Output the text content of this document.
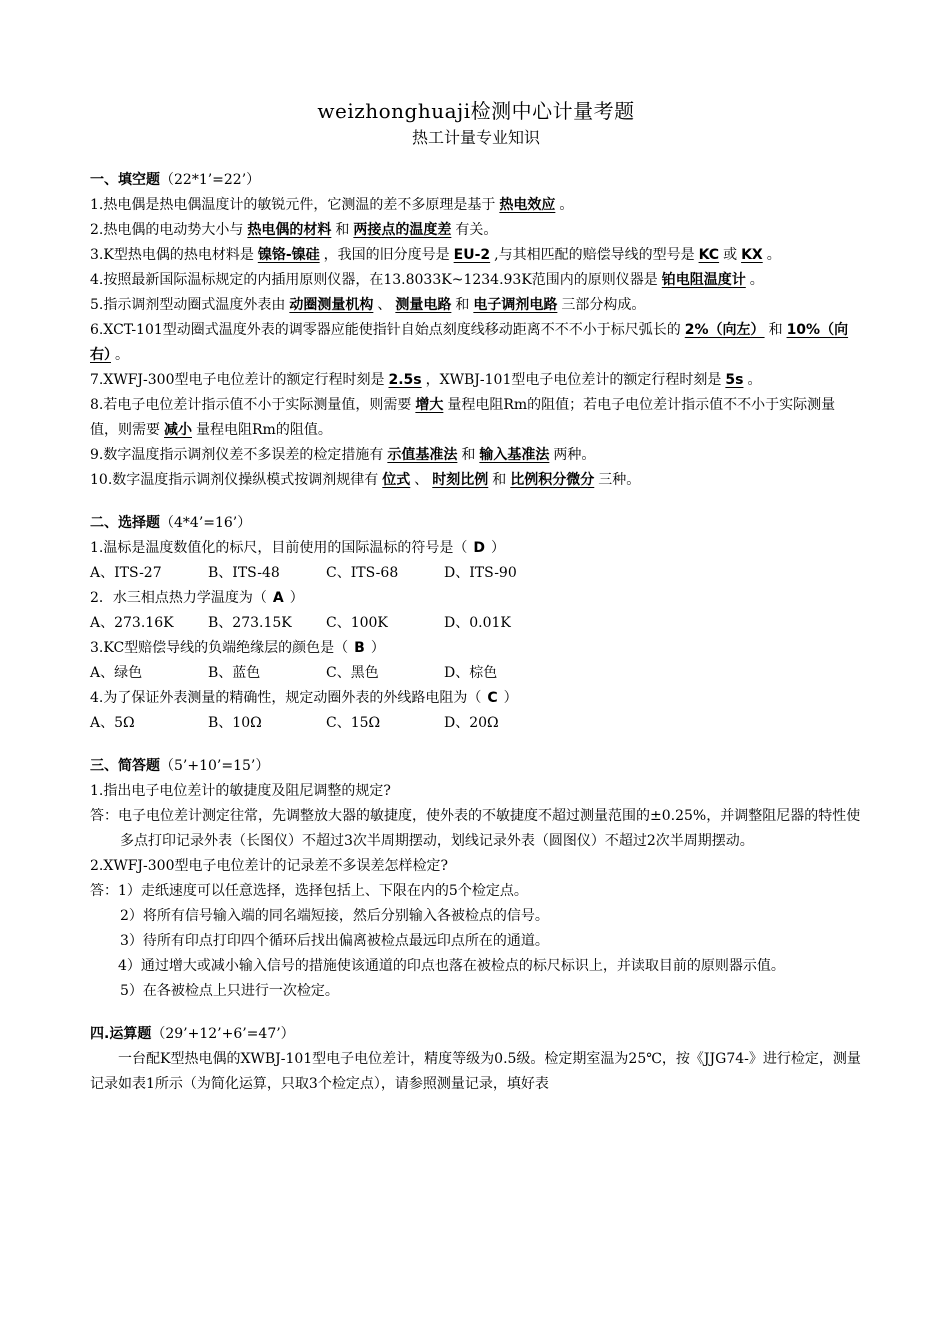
weizhonghuaji检测中心计量考题
热工计量专业知识
一、填空题（22*1’=22’）
1.热电偶是热电偶温度计的敏锐元件，它测温的差不多原理是基于 热电效应 。
2.热电偶的电动势大小与 热电偶的材料 和 两接点的温度差 有关。
3.K型热电偶的热电材料是 镍铬-镍硅 ，我国的旧分度号是 EU-2 ,与其相匹配的赔偿导线的型号是 KC 或 KX 。
4.按照最新国际温标规定的内插用原则仪器，在13.8033K~1234.93K范围内的原则仪器是 铂电阻温度计 。
5.指示调剂型动圈式温度外表由 动圈测量机构 、 测量电路 和 电子调剂电路 三部分构成。
6.XCT-101型动圈式温度外表的调零器应能使指针自始点刻度线移动距离不不不小于标尺弧长的 2%（向左） 和 10%（向右） 。
7.XWFJ-300型电子电位差计的额定行程时刻是 2.5s ，XWBJ-101型电子电位差计的额定行程时刻是 5s 。
8.若电子电位差计指示值不小于实际测量值，则需要 增大 量程电阻Rm的阻值；若电子电位差计指示值不不小于实际测量值，则需要 减小 量程电阻Rm的阻值。
9.数字温度指示调剂仪差不多误差的检定措施有 示值基准法 和 输入基准法 两种。
10.数字温度指示调剂仪操纵模式按调剂规律有 位式 、 时刻比例 和 比例积分微分 三种。
二、选择题（4*4’=16’）
1.温标是温度数值化的标尺，目前使用的国际温标的符号是（ D ）
A、ITS-27	B、ITS-48	C、ITS-68	D、ITS-90
2．水三相点热力学温度为（ A ）
A、273.16K	B、273.15K	C、100K	D、0.01K
3.KC型赔偿导线的负端绝缘层的颜色是（ B ）
A、绿色	B、蓝色	C、黑色	D、棕色
4.为了保证外表测量的精确性，规定动圈外表的外线路电阻为（ C ）
A、5Ω	B、10Ω	C、15Ω	D、20Ω
三、简答题（5’+10’=15’）
1.指出电子电位差计的敏捷度及阻尼调整的规定?
答：电子电位差计测定往常，先调整放大器的敏捷度，使外表的不敏捷度不超过测量范围的±0.25%，并调整阻尼器的特性使多点打印记录外表（长图仪）不超过3次半周期摆动，划线记录外表（圆图仪）不超过2次半周期摆动。
2.XWFJ-300型电子电位差计的记录差不多误差怎样检定?
答：1）走纸速度可以任意选择，选择包括上、下限在内的5个检定点。
2）将所有信号输入端的同名端短接，然后分别输入各被检点的信号。
3）待所有印点打印四个循环后找出偏离被检点最远印点所在的通道。
4）通过增大或减小输入信号的措施使该通道的印点也落在被检点的标尺标识上，并读取目前的原则器示值。
5）在各被检点上只进行一次检定。
四.运算题（29’+12’+6’=47’）
一台配K型热电偶的XWBJ-101型电子电位差计，精度等级为0.5级。检定期室温为25℃，按《JJG74-》进行检定，测量记录如表1所示（为简化运算，只取3个检定点），请参照测量记录，填好表
